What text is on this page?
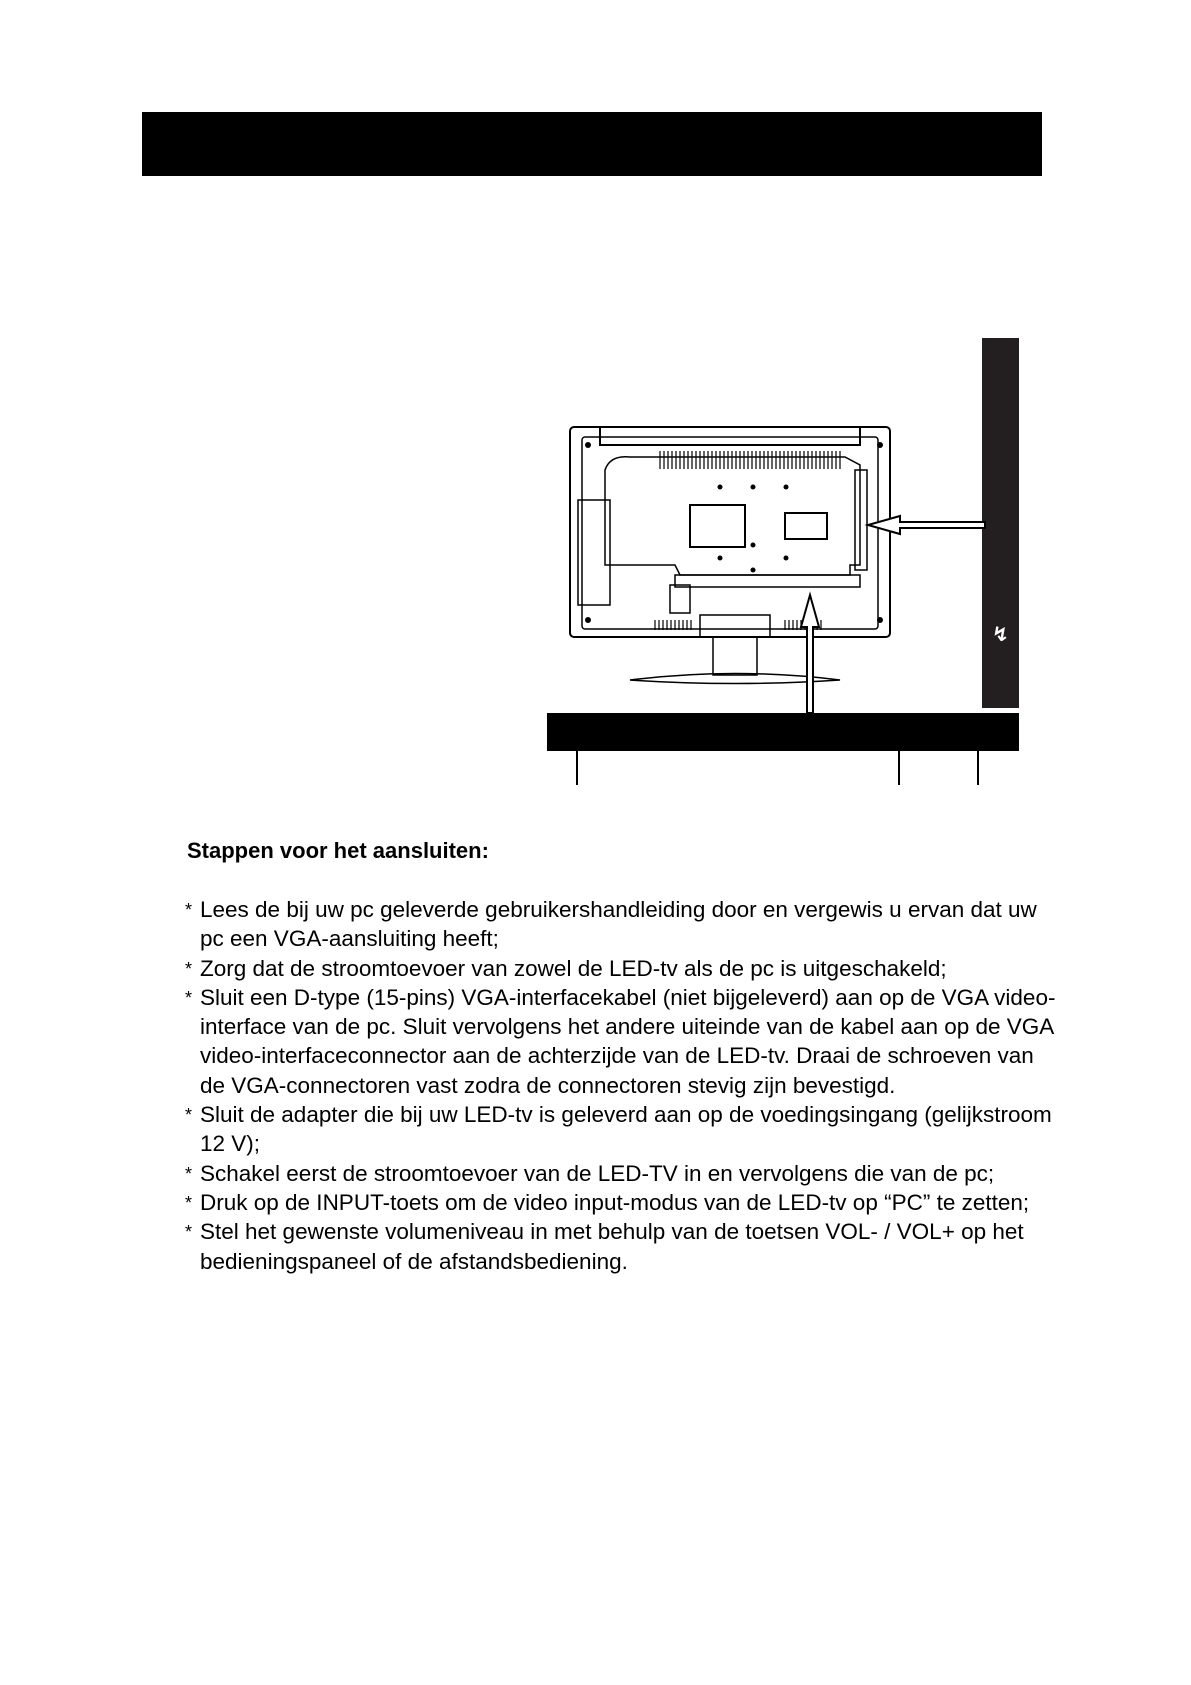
↯
Stappen voor het aansluiten:
* Lees de bij uw pc geleverde gebruikershandleiding door en vergewis u ervan dat uw pc een VGA-aansluiting heeft;
* Zorg dat de stroomtoevoer van zowel de LED-tv als de pc is uitgeschakeld;
* Sluit een D-type (15-pins) VGA-interfacekabel (niet bijgeleverd) aan op de VGA video-interface van de pc. Sluit vervolgens het andere uiteinde van de kabel aan op de VGA video-interfaceconnector aan de achterzijde van de LED-tv. Draai de schroeven van de VGA-connectoren vast zodra de connectoren stevig zijn bevestigd.
* Sluit de adapter die bij uw LED-tv is geleverd aan op de voedingsingang (gelijkstroom 12 V);
* Schakel eerst de stroomtoevoer van de LED-TV in en vervolgens die van de pc;
* Druk op de INPUT-toets om de video input-modus van de LED-tv op “PC” te zetten;
* Stel het gewenste volumeniveau in met behulp van de toetsen VOL- / VOL+ op het bedieningspaneel of de afstandsbediening.
